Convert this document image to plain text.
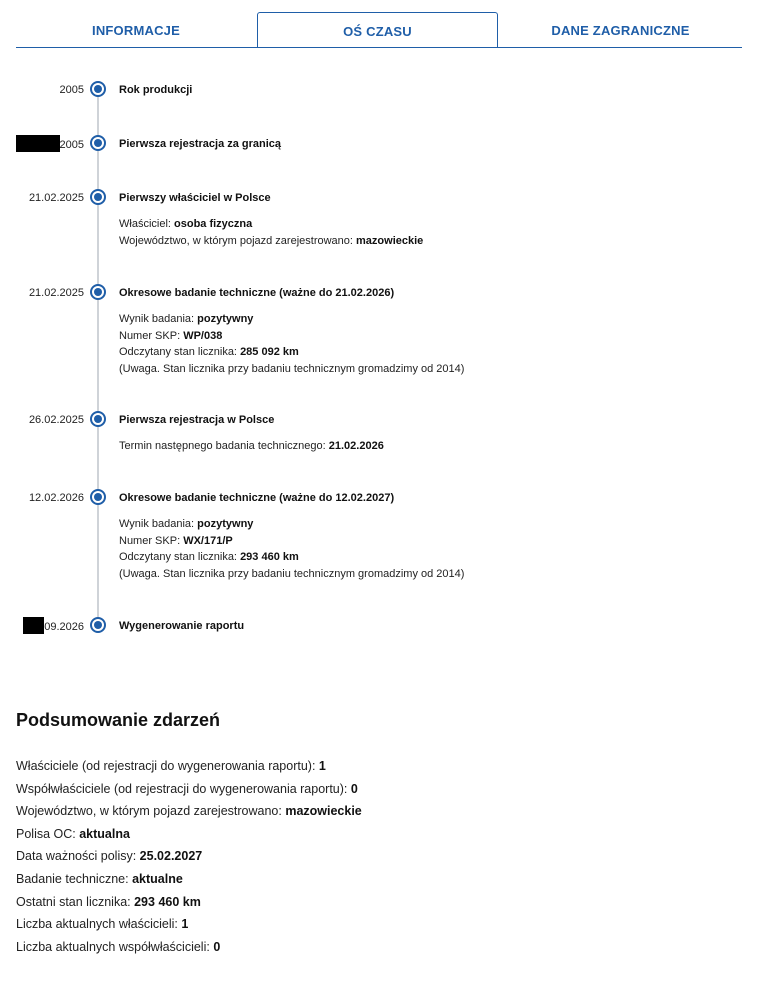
INFORMACJE	OŚ CZASU	DANE ZAGRANICZNE
2005	Rok produkcji
2005	Pierwsza rejestracja za granicą
21.02.2025	Pierwszy właściciel w Polsce
Właściciel: osoba fizyczna
Województwo, w którym pojazd zarejestrowano: mazowieckie
21.02.2025	Okresowe badanie techniczne (ważne do 21.02.2026)
Wynik badania: pozytywny
Numer SKP: WP/038
Odczytany stan licznika: 285 092 km
(Uwaga. Stan licznika przy badaniu technicznym gromadzimy od 2014)
26.02.2025	Pierwsza rejestracja w Polsce
Termin następnego badania technicznego: 21.02.2026
12.02.2026	Okresowe badanie techniczne (ważne do 12.02.2027)
Wynik badania: pozytywny
Numer SKP: WX/171/P
Odczytany stan licznika: 293 460 km
(Uwaga. Stan licznika przy badaniu technicznym gromadzimy od 2014)
09.2026	Wygenerowanie raportu
Podsumowanie zdarzeń
Właściciele (od rejestracji do wygenerowania raportu): 1
Współwłaściciele (od rejestracji do wygenerowania raportu): 0
Województwo, w którym pojazd zarejestrowano: mazowieckie
Polisa OC: aktualna
Data ważności polisy: 25.02.2027
Badanie techniczne: aktualne
Ostatni stan licznika: 293 460 km
Liczba aktualnych właścicieli: 1
Liczba aktualnych współwłaścicieli: 0
